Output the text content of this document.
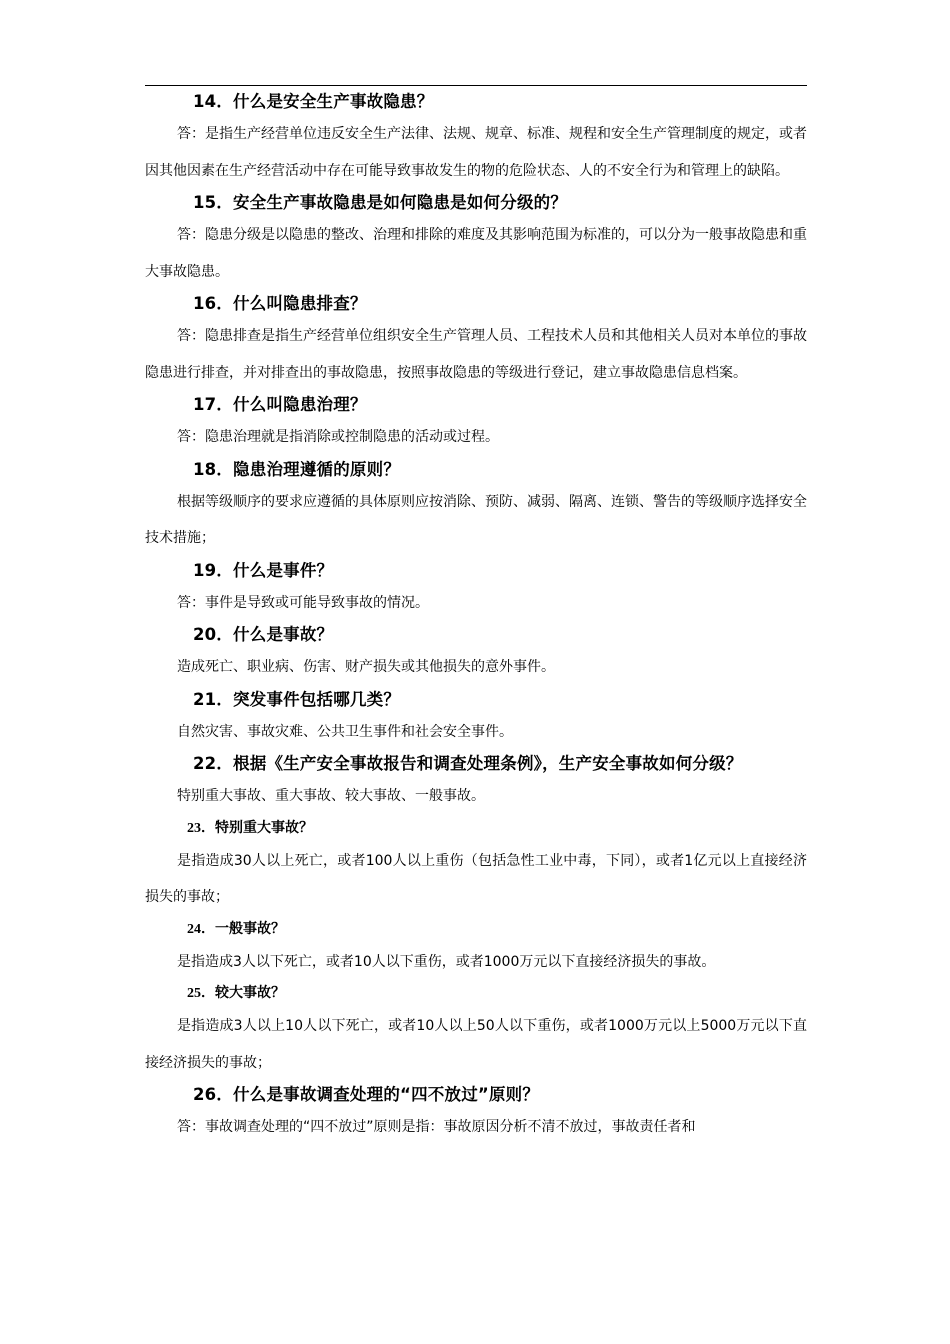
14．什么是安全生产事故隐患？

答：是指生产经营单位违反安全生产法律、法规、规章、标准、规程和安全生产管理制度的规定，或者因其他因素在生产经营活动中存在可能导致事故发生的物的危险状态、人的不安全行为和管理上的缺陷。

15．安全生产事故隐患是如何隐患是如何分级的？

答：隐患分级是以隐患的整改、治理和排除的难度及其影响范围为标准的，可以分为一般事故隐患和重大事故隐患。

16．什么叫隐患排查？

答：隐患排查是指生产经营单位组织安全生产管理人员、工程技术人员和其他相关人员对本单位的事故隐患进行排查，并对排查出的事故隐患，按照事故隐患的等级进行登记，建立事故隐患信息档案。

17．什么叫隐患治理？

答：隐患治理就是指消除或控制隐患的活动或过程。

18．隐患治理遵循的原则？

根据等级顺序的要求应遵循的具体原则应按消除、预防、减弱、隔离、连锁、警告的等级顺序选择安全技术措施；

19．什么是事件？

答：事件是导致或可能导致事故的情况。

20．什么是事故？

造成死亡、职业病、伤害、财产损失或其他损失的意外事件。

21．突发事件包括哪几类？

自然灾害、事故灾难、公共卫生事件和社会安全事件。

22．根据《生产安全事故报告和调查处理条例》，生产安全事故如何分级？

特别重大事故、重大事故、较大事故、一般事故。

23．特别重大事故？

是指造成30人以上死亡，或者100人以上重伤（包括急性工业中毒，下同），或者1亿元以上直接经济损失的事故；

24．一般事故？

是指造成3人以下死亡，或者10人以下重伤，或者1000万元以下直接经济损失的事故。

25．较大事故？

是指造成3人以上10人以下死亡，或者10人以上50人以下重伤，或者1000万元以上5000万元以下直接经济损失的事故；

26．什么是事故调查处理的“四不放过”原则？

答：事故调查处理的“四不放过”原则是指：事故原因分析不清不放过，事故责任者和
